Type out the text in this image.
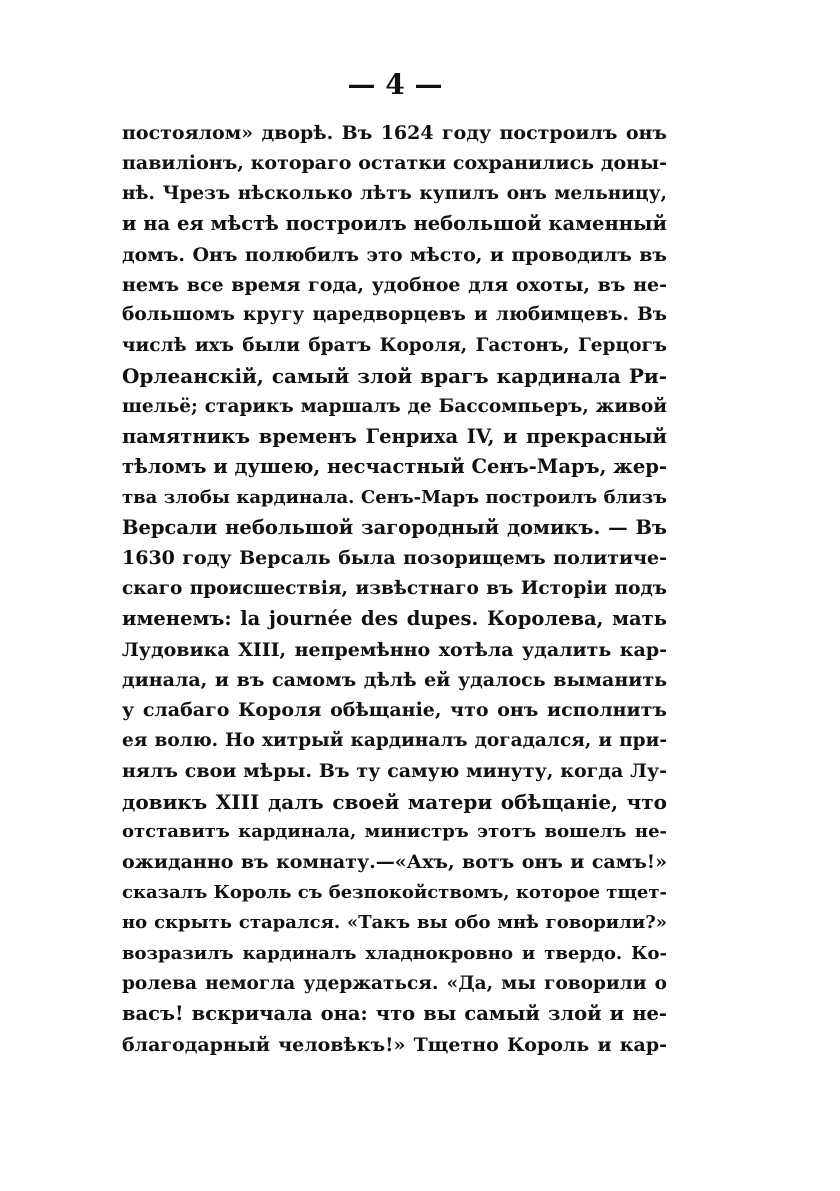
— 4 —
постоялом» дворѣ. Въ 1624 году построилъ онъ
павиліонъ, котораго остатки сохранились доны-
нѣ. Чрезъ нѣсколько лѣтъ купилъ онъ мельницу,
и на ея мѣстѣ построилъ небольшой каменный
домъ. Онъ полюбилъ это мѣсто, и проводилъ въ
немъ все время года, удобное для охоты, въ не-
большомъ кругу царедворцевъ и любимцевъ. Въ
числѣ ихъ были братъ Короля, Гастонъ, Герцогъ
Орлеанскій, самый злой врагъ кардинала Ри-
шельё; старикъ маршалъ де Бассомпьеръ, живой
памятникъ временъ Генриха IV, и прекрасный
тѣломъ и душею, несчастный Сенъ-Маръ, жер-
тва злобы кардинала. Сенъ-Маръ построилъ близъ
Версали небольшой загородный домикъ. — Въ
1630 году Версаль была позорищемъ политиче-
скаго происшествія, извѣстнаго въ Исторіи подъ
именемъ: la journée des dupes. Королева, мать
Лудовика XIII, непремѣнно хотѣла удалить кар-
динала, и въ самомъ дѣлѣ ей удалось выманить
у слабаго Короля обѣщаніе, что онъ исполнитъ
ея волю. Но хитрый кардиналъ догадался, и при-
нялъ свои мѣры. Въ ту самую минуту, когда Лу-
довикъ XIII далъ своей матери обѣщаніе, что
отставитъ кардинала, министръ этотъ вошелъ не-
ожиданно въ комнату.—«Ахъ, вотъ онъ и самъ!»
сказалъ Король съ безпокойствомъ, которое тщет-
но скрыть старался. «Такъ вы обо мнѣ говорили?»
возразилъ кардиналъ хладнокровно и твердо. Ко-
ролева немогла удержаться. «Да, мы говорили о
васъ! вскричала она: что вы самый злой и не-
благодарный человѣкъ!» Тщетно Король и кар-
